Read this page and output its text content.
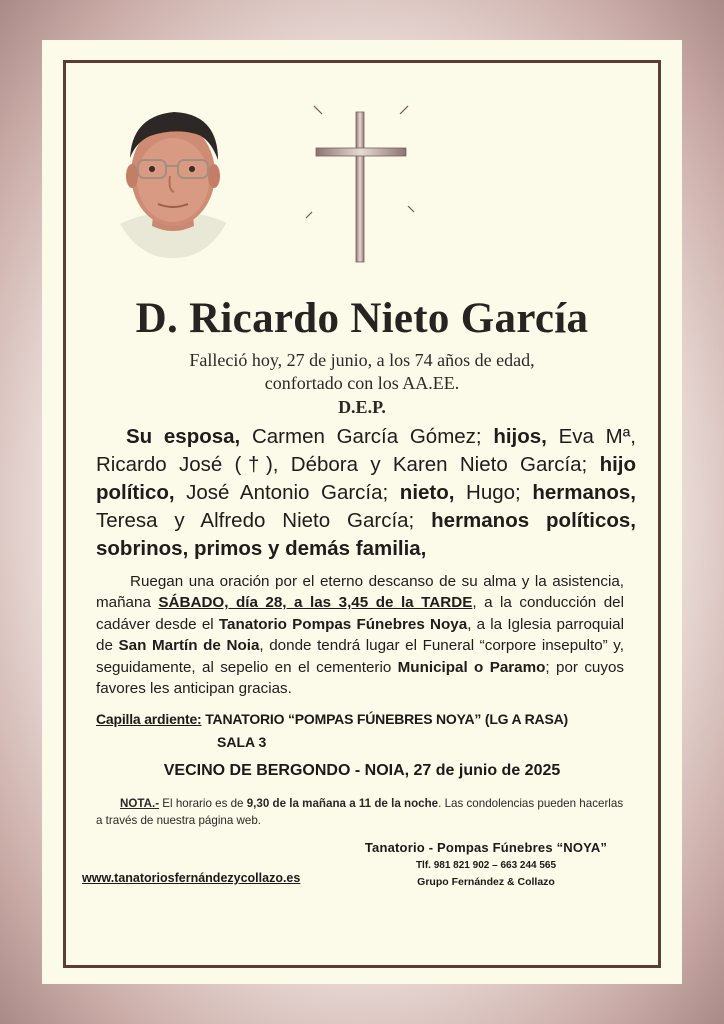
D. Ricardo Nieto García
Falleció hoy, 27 de junio, a los 74 años de edad,
confortado con los AA.EE.
D.E.P.
Su esposa, Carmen García Gómez; hijos, Eva Mª, Ricardo José (†), Débora y Karen Nieto García; hijo político, José Antonio García; nieto, Hugo; hermanos, Teresa y Alfredo Nieto García; hermanos políticos, sobrinos, primos y demás familia,
Ruegan una oración por el eterno descanso de su alma y la asistencia, mañana SÁBADO, día 28, a las 3,45 de la TARDE, a la conducción del cadáver desde el Tanatorio Pompas Fúnebres Noya, a la Iglesia parroquial de San Martín de Noia, donde tendrá lugar el Funeral “corpore insepulto” y, seguidamente, al sepelio en el cementerio Municipal o Paramo; por cuyos favores les anticipan gracias.
Capilla ardiente: TANATORIO “POMPAS FÚNEBRES NOYA” (LG A RASA)
SALA 3
VECINO DE BERGONDO - NOIA, 27 de junio de 2025
NOTA.- El horario es de 9,30 de la mañana a 11 de la noche. Las condolencias pueden hacerlas a través de nuestra página web.
www.tanatoriosfernándezycollazo.es
Tanatorio - Pompas Fúnebres “NOYA”
Tlf. 981 821 902 – 663 244 565
Grupo Fernández & Collazo
